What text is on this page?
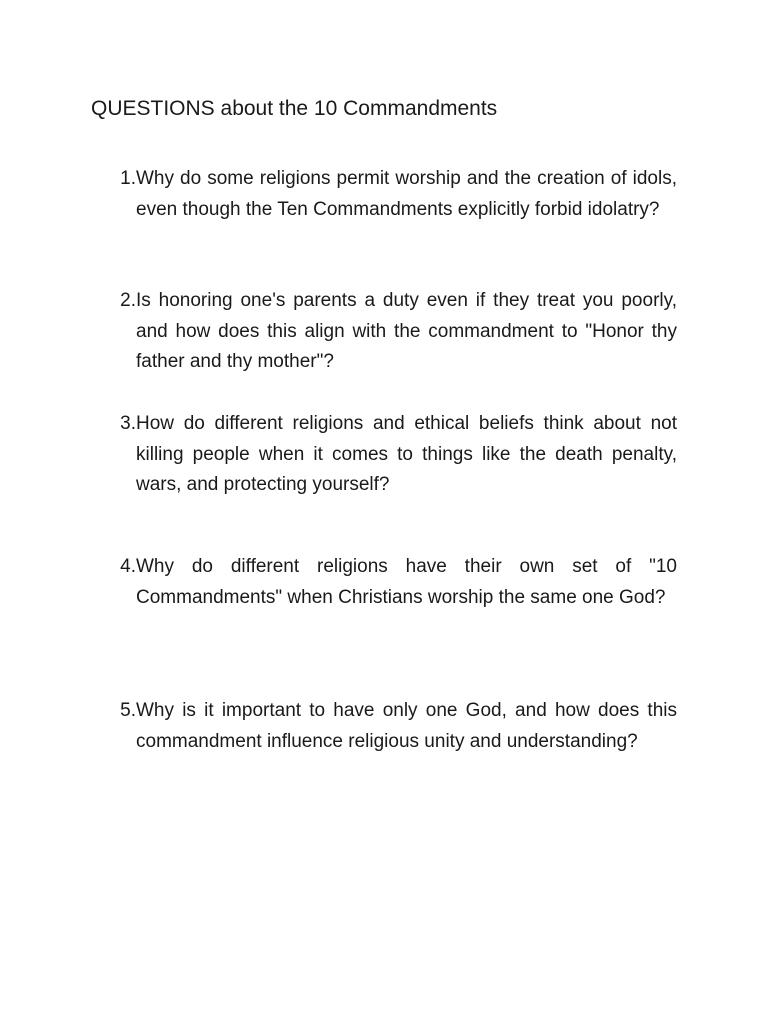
QUESTIONS about the 10 Commandments
1. Why do some religions permit worship and the creation of idols, even though the Ten Commandments explicitly forbid idolatry?
2. Is honoring one's parents a duty even if they treat you poorly, and how does this align with the commandment to "Honor thy father and thy mother"?
3. How do different religions and ethical beliefs think about not killing people when it comes to things like the death penalty, wars, and protecting yourself?
4. Why do different religions have their own set of "10 Commandments" when Christians worship the same one God?
5. Why is it important to have only one God, and how does this commandment influence religious unity and understanding?
